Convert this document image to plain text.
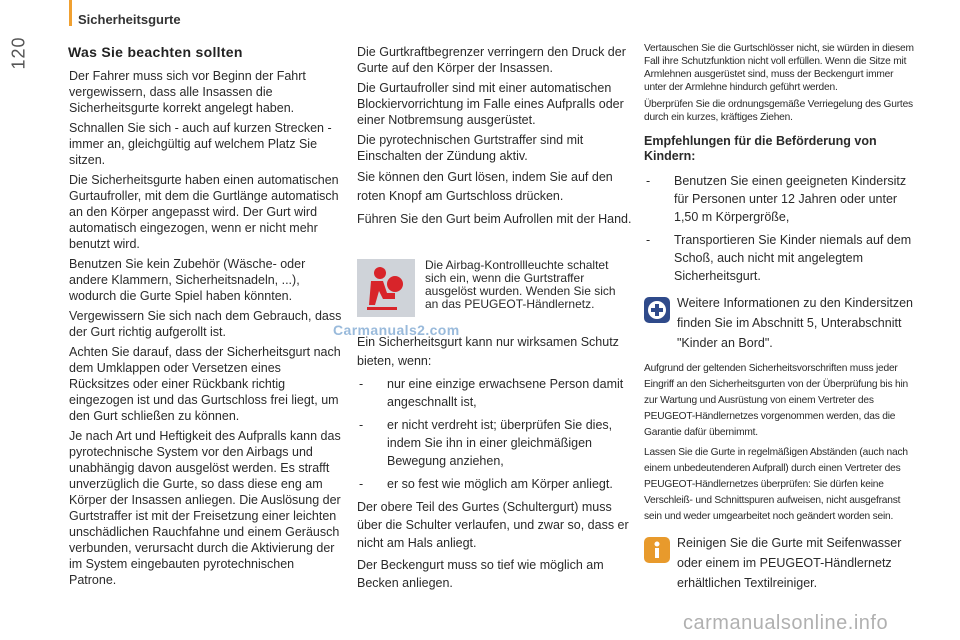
120
Sicherheitsgurte
Was Sie beachten sollten

Der Fahrer muss sich vor Beginn der Fahrt vergewissern, dass alle Insassen die Sicherheitsgurte korrekt angelegt haben.

Schnallen Sie sich - auch auf kurzen Strecken - immer an, gleichgültig auf welchem Platz Sie sitzen.

Die Sicherheitsgurte haben einen automatischen Gurtaufroller, mit dem die Gurtlänge automatisch an den Körper angepasst wird. Der Gurt wird automatisch eingezogen, wenn er nicht mehr benutzt wird.

Benutzen Sie kein Zubehör (Wäsche- oder andere Klammern, Sicherheitsnadeln, ...), wodurch die Gurte Spiel haben könnten.

Vergewissern Sie sich nach dem Gebrauch, dass der Gurt richtig aufgerollt ist.

Achten Sie darauf, dass der Sicherheitsgurt nach dem Umklappen oder Versetzen eines Rücksitzes oder einer Rückbank richtig eingezogen ist und das Gurtschloss frei liegt, um den Gurt schließen zu können.

Je nach Art und Heftigkeit des Aufpralls kann das pyrotechnische System vor den Airbags und unabhängig davon ausgelöst werden. Es strafft unverzüglich die Gurte, so dass diese eng am Körper der Insassen anliegen. Die Auslösung der Gurtstraffer ist mit der Freisetzung einer leichten unschädlichen Rauchfahne und einem Geräusch verbunden, verursacht durch die Aktivierung der im System eingebauten pyrotechnischen Patrone.

Die Gurtkraftbegrenzer verringern den Druck der Gurte auf den Körper der Insassen.

Die Gurtaufroller sind mit einer automatischen Blockiervorrichtung im Falle eines Aufpralls oder einer Notbremsung ausgerüstet.

Die pyrotechnischen Gurtstraffer sind mit Einschalten der Zündung aktiv.

Sie können den Gurt lösen, indem Sie auf den roten Knopf am Gurtschloss drücken.

Führen Sie den Gurt beim Aufrollen mit der Hand.

Die Airbag-Kontrollleuchte schaltet sich ein, wenn die Gurtstraffer ausgelöst wurden. Wenden Sie sich an das PEUGEOT-Händlernetz.

Ein Sicherheitsgurt kann nur wirksamen Schutz bieten, wenn:

- nur eine einzige erwachsene Person damit angeschnallt ist,
- er nicht verdreht ist; überprüfen Sie dies, indem Sie ihn in einer gleichmäßigen Bewegung anziehen,
- er so fest wie möglich am Körper anliegt.

Der obere Teil des Gurtes (Schultergurt) muss über die Schulter verlaufen, und zwar so, dass er nicht am Hals anliegt.

Der Beckengurt muss so tief wie möglich am Becken anliegen.

Vertauschen Sie die Gurtschlösser nicht, sie würden in diesem Fall ihre Schutzfunktion nicht voll erfüllen. Wenn die Sitze mit Armlehnen ausgerüstet sind, muss der Beckengurt immer unter der Armlehne hindurch geführt werden.

Überprüfen Sie die ordnungsgemäße Verriegelung des Gurtes durch ein kurzes, kräftiges Ziehen.

Empfehlungen für die Beförderung von Kindern:
- Benutzen Sie einen geeigneten Kindersitz für Personen unter 12 Jahren oder unter 1,50 m Körpergröße,
- Transportieren Sie Kinder niemals auf dem Schoß, auch nicht mit angelegtem Sicherheitsgurt.
Weitere Informationen zu den Kindersitzen finden Sie im Abschnitt 5, Unterabschnitt "Kinder an Bord".

Aufgrund der geltenden Sicherheitsvorschriften muss jeder Eingriff an den Sicherheitsgurten von der Überprüfung bis hin zur Wartung und Ausrüstung von einem Vertreter des PEUGEOT-Händlernetzes vorgenommen werden, das die Garantie dafür übernimmt.

Lassen Sie die Gurte in regelmäßigen Abständen (auch nach einem unbedeutenderen Aufprall) durch einen Vertreter des PEUGEOT-Händlernetzes überprüfen: Sie dürfen keine Verschleiß- und Schnittspuren aufweisen, nicht ausgefranst sein und weder umgearbeitet noch geändert worden sein.

Reinigen Sie die Gurte mit Seifenwasser oder einem im PEUGEOT-Händlernetz erhältlichen Textilreiniger.
Carmanuals2.com
carmanualsonline.info
